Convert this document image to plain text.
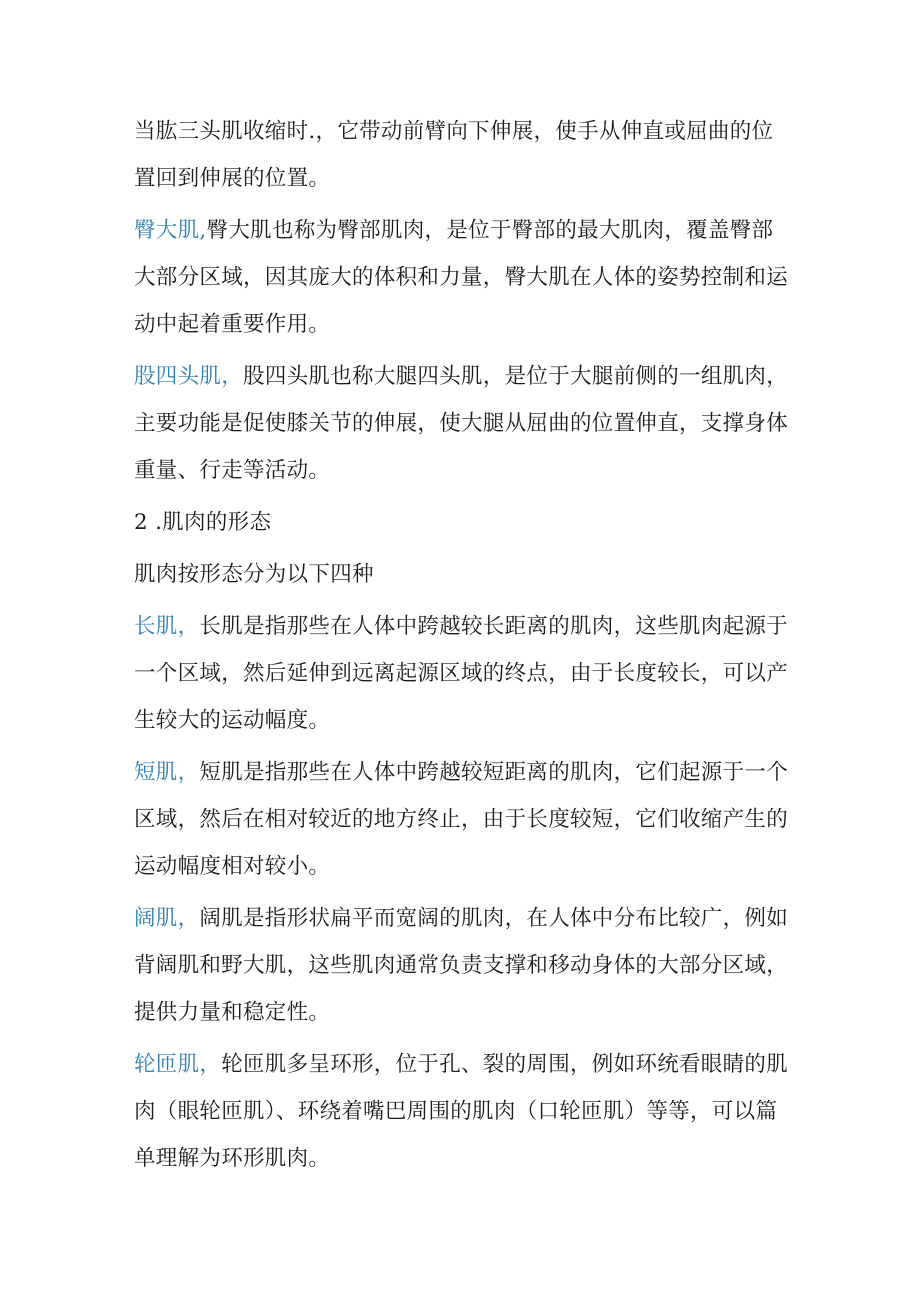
当肱三头肌收缩时.，它带动前臂向下伸展，使手从伸直或屈曲的位置回到伸展的位置。

臀大肌,臀大肌也称为臀部肌肉，是位于臀部的最大肌肉，覆盖臀部大部分区域，因其庞大的体积和力量，臀大肌在人体的姿势控制和运动中起着重要作用。

股四头肌，股四头肌也称大腿四头肌，是位于大腿前侧的一组肌肉，主要功能是促使膝关节的伸展，使大腿从屈曲的位置伸直，支撑身体重量、行走等活动。

2 .肌肉的形态

肌肉按形态分为以下四种

长肌，长肌是指那些在人体中跨越较长距离的肌肉，这些肌肉起源于一个区域，然后延伸到远离起源区域的终点，由于长度较长，可以产生较大的运动幅度。

短肌，短肌是指那些在人体中跨越较短距离的肌肉，它们起源于一个区域，然后在相对较近的地方终止，由于长度较短，它们收缩产生的运动幅度相对较小。

阔肌，阔肌是指形状扁平而宽阔的肌肉，在人体中分布比较广，例如背阔肌和野大肌，这些肌肉通常负责支撑和移动身体的大部分区域，提供力量和稳定性。

轮匝肌，轮匝肌多呈环形，位于孔、裂的周围，例如环统看眼睛的肌肉（眼轮匝肌）、环绕着嘴巴周围的肌肉（口轮匝肌）等等，可以篇单理解为环形肌肉。
